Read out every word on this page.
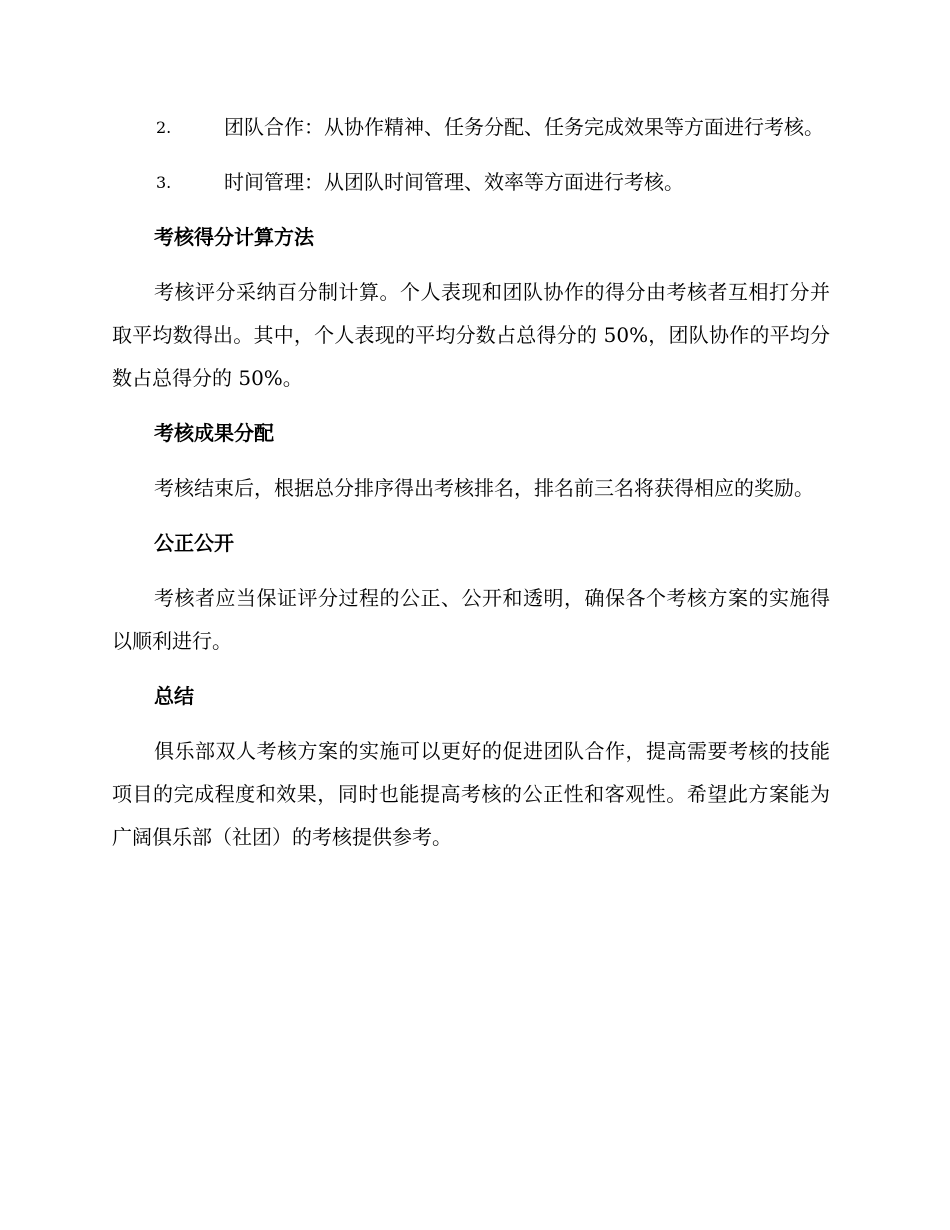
2.	团队合作：从协作精神、任务分配、任务完成效果等方面进行考核。
3.	时间管理：从团队时间管理、效率等方面进行考核。
考核得分计算方法
考核评分采纳百分制计算。个人表现和团队协作的得分由考核者互相打分并取平均数得出。其中，个人表现的平均分数占总得分的 50%，团队协作的平均分数占总得分的 50%。
考核成果分配
考核结束后，根据总分排序得出考核排名，排名前三名将获得相应的奖励。
公正公开
考核者应当保证评分过程的公正、公开和透明，确保各个考核方案的实施得以顺利进行。
总结
俱乐部双人考核方案的实施可以更好的促进团队合作，提高需要考核的技能项目的完成程度和效果，同时也能提高考核的公正性和客观性。希望此方案能为广阔俱乐部（社团）的考核提供参考。
